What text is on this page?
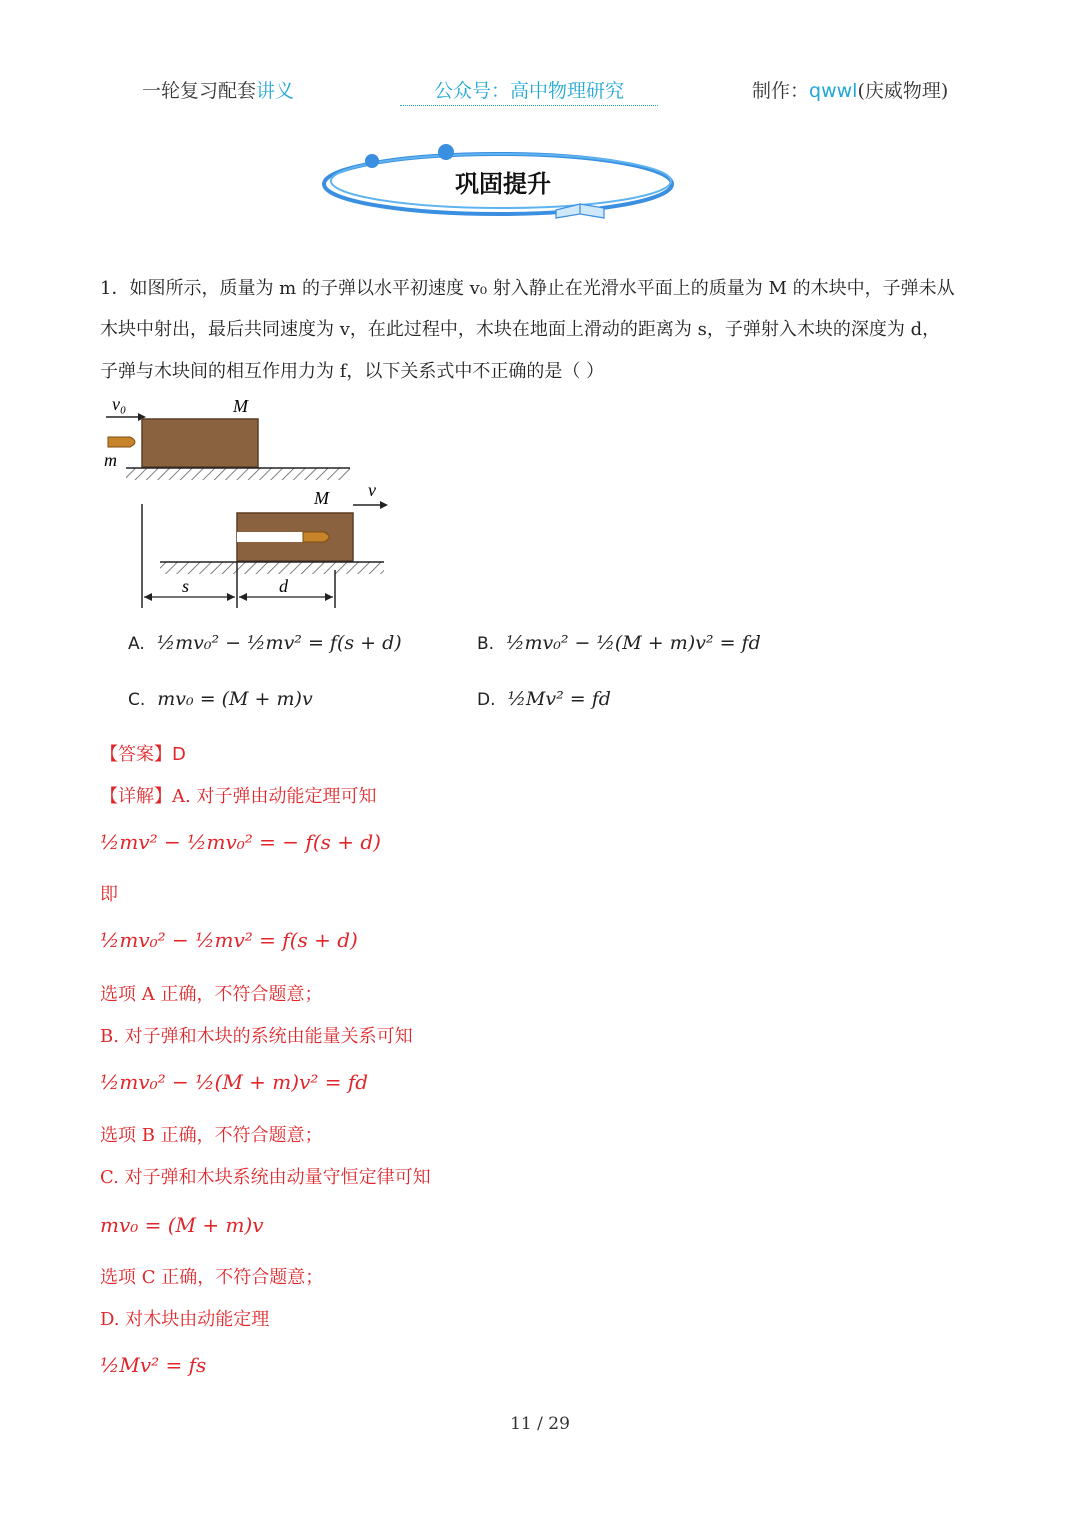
一轮复习配套讲义	公众号：高中物理研究	制作：qwwl(庆威物理)
巩固提升
1．如图所示，质量为 m 的子弹以水平初速度 v₀ 射入静止在光滑水平面上的质量为 M 的木块中，子弹未从
木块中射出，最后共同速度为 v，在此过程中，木块在地面上滑动的距离为 s，子弹射入木块的深度为 d，
子弹与木块间的相互作用力为 f，以下关系式中不正确的是（ ）
v₀	M
m
M v
s	d
A. ½mv₀² − ½mv² = f(s + d)	B. ½mv₀² − ½(M + m)v² = fd
C. mv₀ = (M + m)v	D. ½Mv² = fd
【答案】D
【详解】A. 对子弹由动能定理可知
½mv² − ½mv₀² = − f(s + d)
即
½mv₀² − ½mv² = f(s + d)
选项 A 正确，不符合题意；
B. 对子弹和木块的系统由能量关系可知
½mv₀² − ½(M + m)v² = fd
选项 B 正确，不符合题意；
C. 对子弹和木块系统由动量守恒定律可知
mv₀ = (M + m)v
选项 C 正确，不符合题意；
D. 对木块由动能定理
½Mv² = fs
11 / 29
